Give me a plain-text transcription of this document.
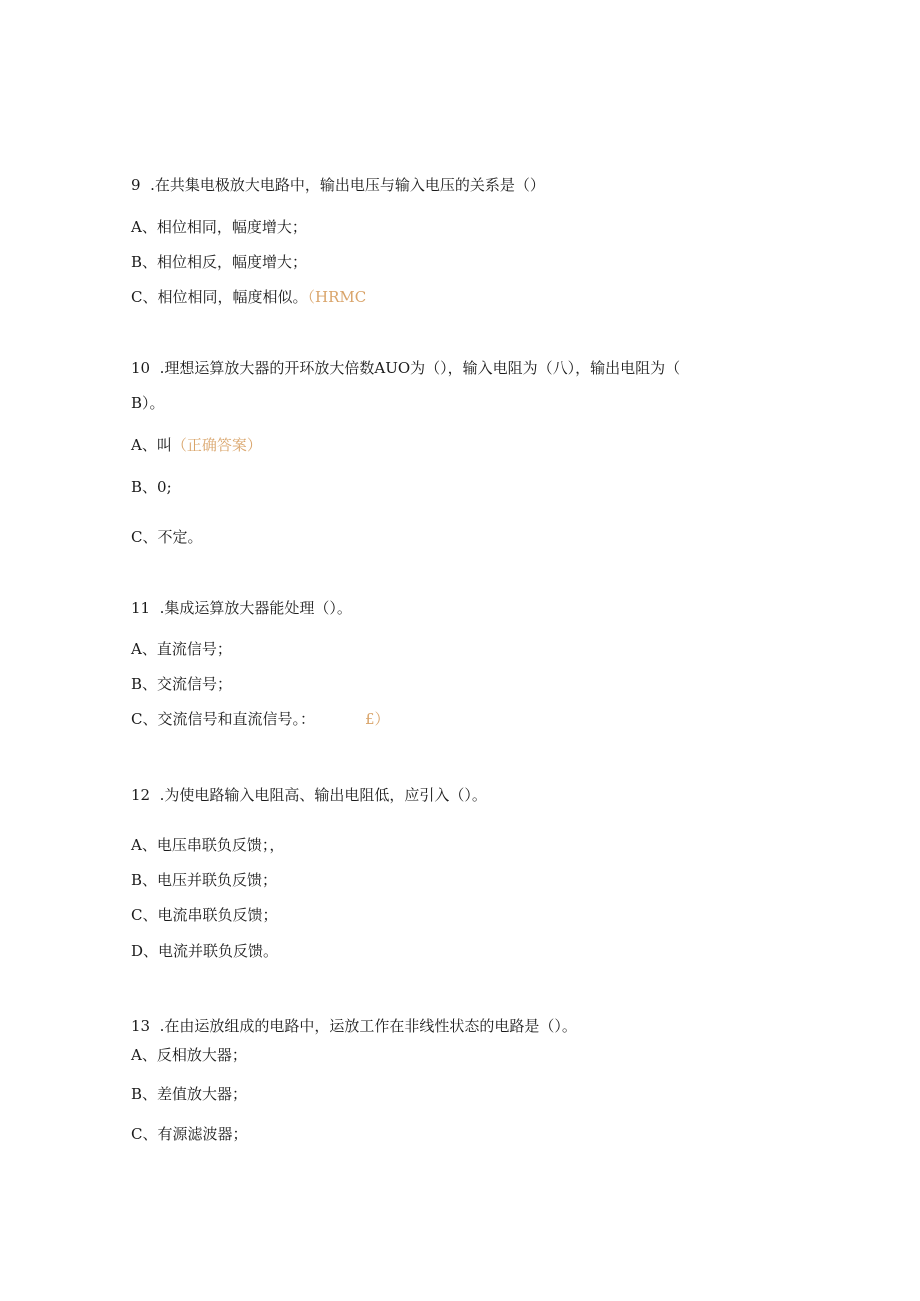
9  .在共集电极放大电路中，输出电压与输入电压的关系是（）
A、相位相同，幅度增大；
B、相位相反，幅度增大；
C、相位相同，幅度相似。（HRMC
10  .理想运算放大器的开环放大倍数AUO为（），输入电阻为（八），输出电阻为（
B）。
A、叫（正确答案）
B、0;
C、不定。
11  .集成运算放大器能处理（）。
A、直流信号；
B、交流信号；
C、交流信号和直流信号。：	£）
12  .为使电路输入电阻高、输出电阻低，应引入（）。
A、电压串联负反馈；，
B、电压并联负反馈；
C、电流串联负反馈；
D、电流并联负反馈。
13  .在由运放组成的电路中，运放工作在非线性状态的电路是（）。
A、反相放大器；
B、差值放大器；
C、有源滤波器；
